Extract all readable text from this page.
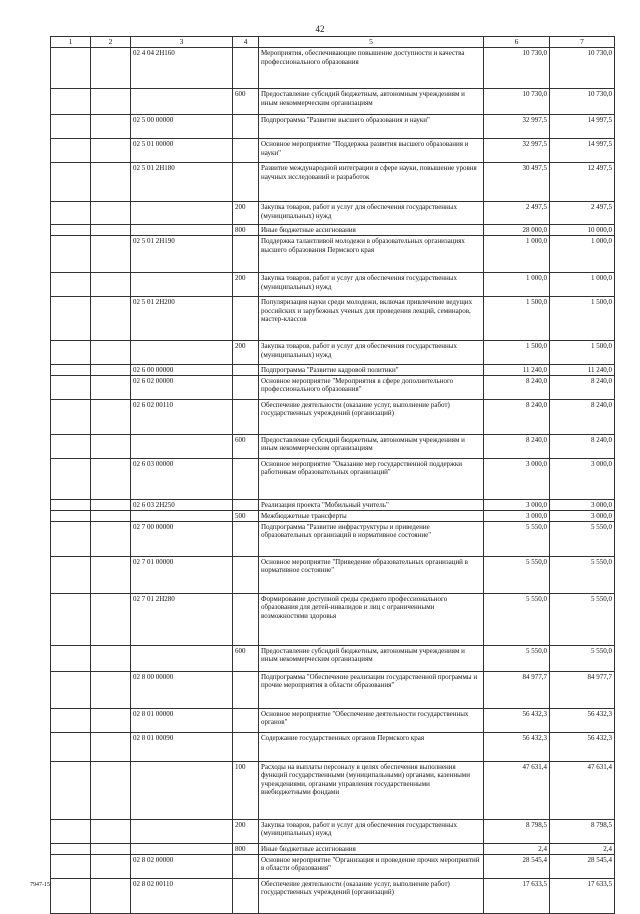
42
1	2	3	4	5	6	7
		02 4 04 2Н160		Мероприятия, обеспечивающие повышение доступности и качества профессионального образования	10 730,0	10 730,0
			600	Предоставление субсидий бюджетным, автономным учреждениям и иным некоммерческим организациям	10 730,0	10 730,0
		02 5 00 00000		Подпрограмма "Развитие высшего образования и науки"	32 997,5	14 997,5
		02 5 01 00000		Основное мероприятие "Поддержка развития высшего образования и науки"	32 997,5	14 997,5
		02 5 01 2Н180		Развитие международной интеграции в сфере науки, повышение уровня научных исследований и разработок	30 497,5	12 497,5
			200	Закупка товаров, работ и услуг для обеспечения государственных (муниципальных) нужд	2 497,5	2 497,5
			800	Иные бюджетные ассигнования	28 000,0	10 000,0
		02 5 01 2Н190		Поддержка талантливой молодежи в образовательных организациях высшего образования Пермского края	1 000,0	1 000,0
			200	Закупка товаров, работ и услуг для обеспечения государственных (муниципальных) нужд	1 000,0	1 000,0
		02 5 01 2Н200		Популяризация науки среди молодежи, включая привлечение ведущих российских и зарубежных ученых для проведения лекций, семинаров, мастер-классов	1 500,0	1 500,0
			200	Закупка товаров, работ и услуг для обеспечения государственных (муниципальных) нужд	1 500,0	1 500,0
		02 6 00 00000		Подпрограмма "Развитие кадровой политики"	11 240,0	11 240,0
		02 6 02 00000		Основное мероприятие "Мероприятия в сфере дополнительного профессионального образования"	8 240,0	8 240,0
		02 6 02 00110		Обеспечение деятельности (оказание услуг, выполнение работ) государственных учреждений (организаций)	8 240,0	8 240,0
			600	Предоставление субсидий бюджетным, автономным учреждениям и иным некоммерческим организациям	8 240,0	8 240,0
		02 6 03 00000		Основное мероприятие "Оказание мер государственной поддержки работникам образовательных организаций"	3 000,0	3 000,0
		02 6 03 2Н250		Реализация проекта "Мобильный учитель"	3 000,0	3 000,0
			500	Межбюджетные трансферты	3 000,0	3 000,0
		02 7 00 00000		Подпрограмма "Развитие инфраструктуры и приведение образовательных организаций в нормативное состояние"	5 550,0	5 550,0
		02 7 01 00000		Основное мероприятие "Приведение образовательных организаций в нормативное состояние"	5 550,0	5 550,0
		02 7 01 2Н280		Формирование доступной среды среднего профессионального образования для детей-инвалидов и лиц с ограниченными возможностями здоровья	5 550,0	5 550,0
			600	Предоставление субсидий бюджетным, автономным учреждениям и иным некоммерческим организациям	5 550,0	5 550,0
		02 8 00 00000		Подпрограмма "Обеспечение реализации государственной программы и прочие мероприятия в области образования"	84 977,7	84 977,7
		02 8 01 00000		Основное мероприятие "Обеспечение деятельности государственных органов"	56 432,3	56 432,3
		02 8 01 00090		Содержание государственных органов Пермского края	56 432,3	56 432,3
			100	Расходы на выплаты персоналу в целях обеспечения выполнения функций государственными (муниципальными) органами, казенными учреждениями, органами управления государственными внебюджетными фондами	47 631,4	47 631,4
			200	Закупка товаров, работ и услуг для обеспечения государственных (муниципальных) нужд	8 798,5	8 798,5
			800	Иные бюджетные ассигнования	2,4	2,4
		02 8 02 00000		Основное мероприятие "Организация и проведение прочих мероприятий в области образования"	28 545,4	28 545,4
		02 8 02 00110		Обеспечение деятельности (оказание услуг, выполнение работ) государственных учреждений (организаций)	17 633,5	17 633,5
7947-15
